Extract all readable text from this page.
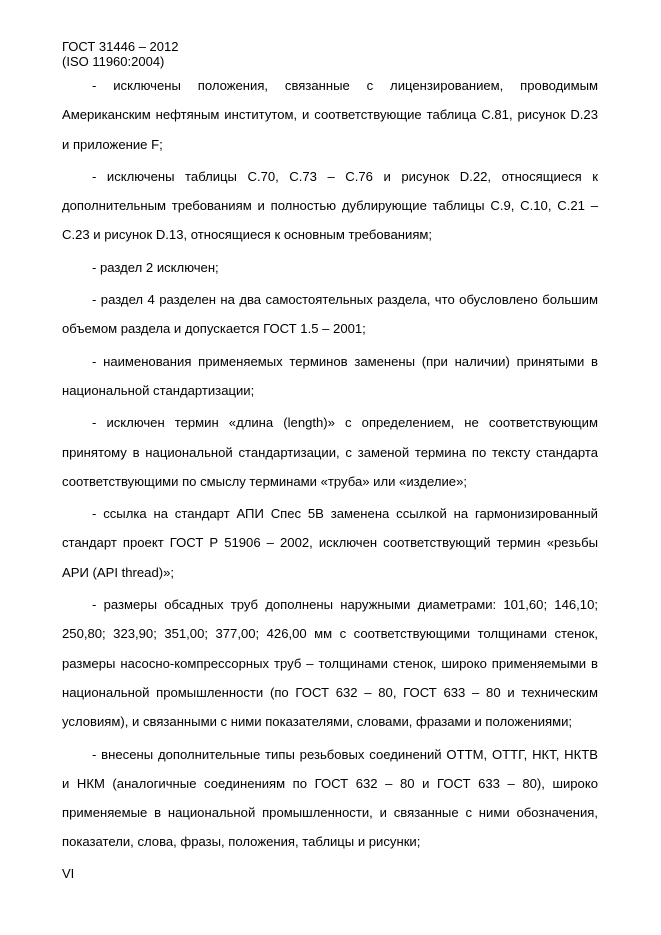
ГОСТ 31446 – 2012
(ISO 11960:2004)

- исключены положения, связанные с лицензированием, проводимым Американским нефтяным институтом, и соответствующие таблица С.81, рисунок D.23 и приложение F;

- исключены таблицы С.70, С.73 – С.76 и рисунок D.22, относящиеся к дополнительным требованиям и полностью дублирующие таблицы С.9, С.10, С.21 – С.23 и рисунок D.13, относящиеся к основным требованиям;

- раздел 2 исключен;

- раздел 4 разделен на два самостоятельных раздела, что обусловлено большим объемом раздела и допускается ГОСТ 1.5 – 2001;

- наименования применяемых терминов заменены (при наличии) принятыми в национальной стандартизации;

- исключен термин «длина (length)» с определением, не соответствующим принятому в национальной стандартизации, с заменой термина по тексту стандарта соответствующими по смыслу терминами «труба» или «изделие»;

- ссылка на стандарт АПИ Спес 5В заменена ссылкой на гармонизированный стандарт проект ГОСТ Р 51906 – 2002, исключен соответствующий термин «резьбы АРИ (API thread)»;

- размеры обсадных труб дополнены наружными диаметрами: 101,60; 146,10; 250,80; 323,90; 351,00; 377,00; 426,00 мм с соответствующими толщинами стенок, размеры насосно-компрессорных труб – толщинами стенок, широко применяемыми в национальной промышленности (по ГОСТ 632 – 80, ГОСТ 633 – 80 и техническим условиям), и связанными с ними показателями, словами, фразами и положениями;

- внесены дополнительные типы резьбовых соединений ОТТМ, ОТТГ, НКТ, НКТВ и НКМ (аналогичные соединениям по ГОСТ 632 – 80 и ГОСТ 633 – 80), широко применяемые в национальной промышленности, и связанные с ними обозначения, показатели, слова, фразы, положения, таблицы и рисунки;

VI
